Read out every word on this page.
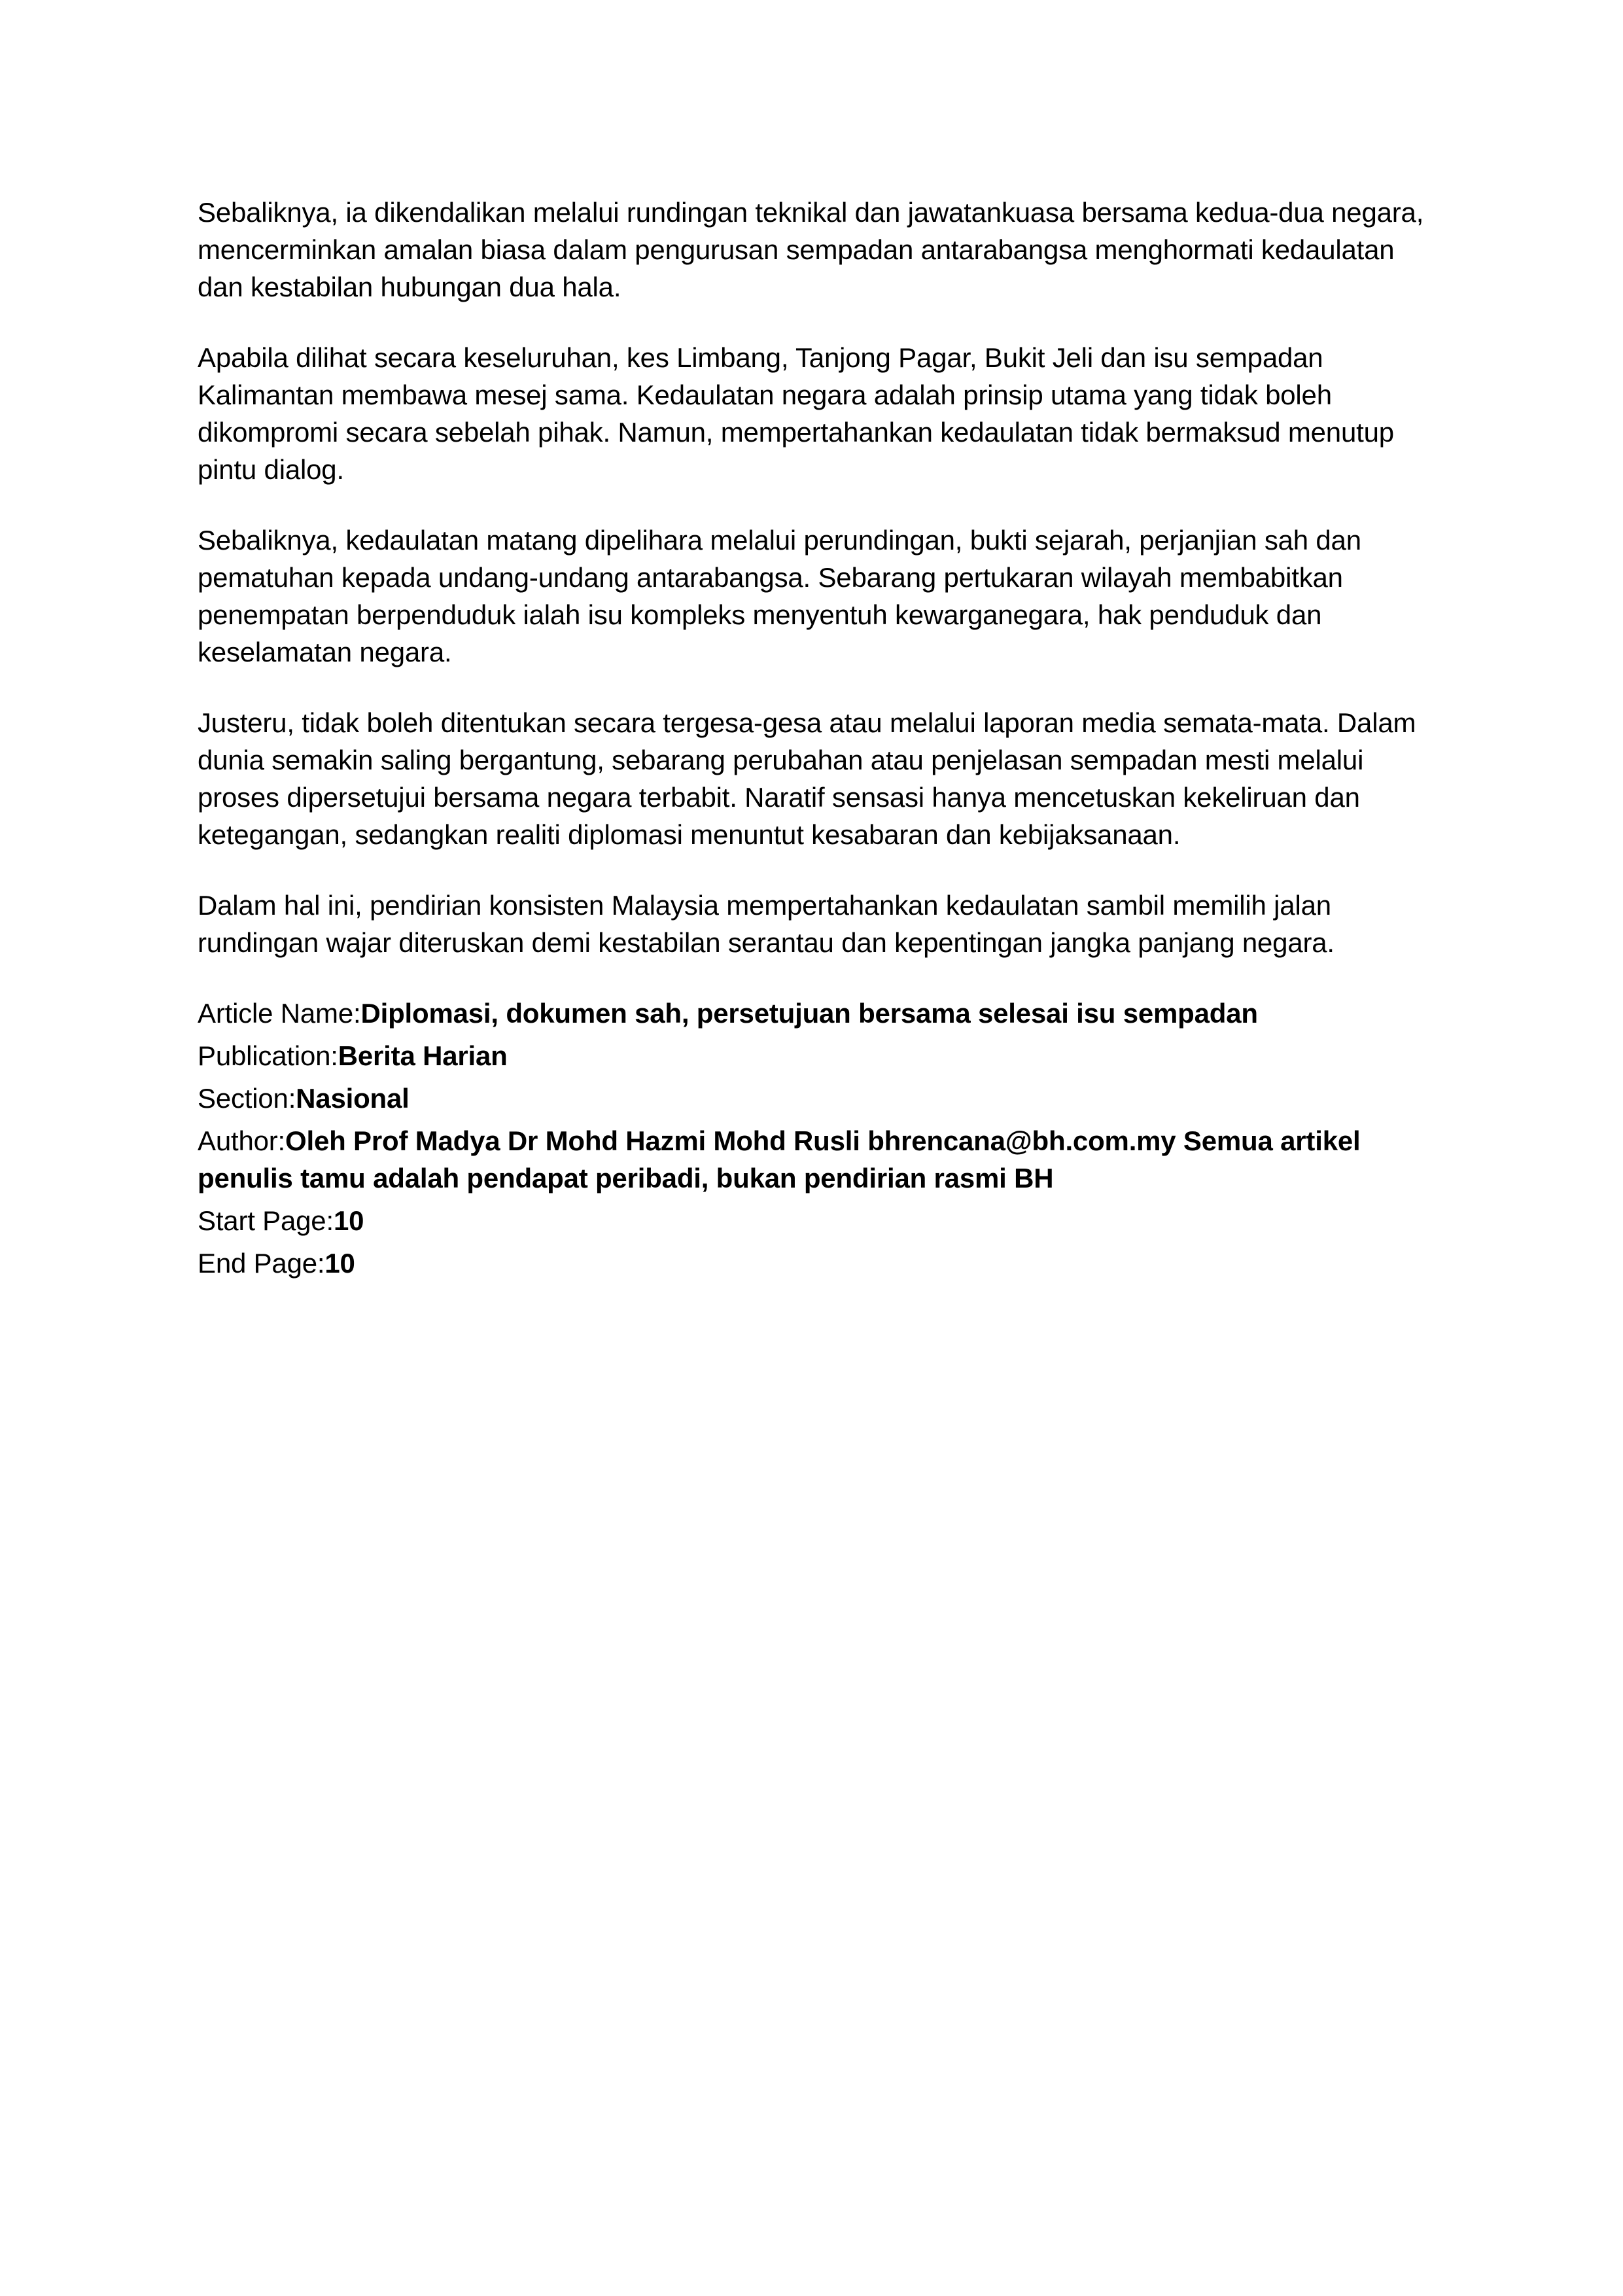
Sebaliknya, ia dikendalikan melalui rundingan teknikal dan jawatankuasa bersama kedua-dua negara, mencerminkan amalan biasa dalam pengurusan sempadan antarabangsa menghormati kedaulatan dan kestabilan hubungan dua hala.

Apabila dilihat secara keseluruhan, kes Limbang, Tanjong Pagar, Bukit Jeli dan isu sempadan Kalimantan membawa mesej sama. Kedaulatan negara adalah prinsip utama yang tidak boleh dikompromi secara sebelah pihak. Namun, mempertahankan kedaulatan tidak bermaksud menutup pintu dialog.

Sebaliknya, kedaulatan matang dipelihara melalui perundingan, bukti sejarah, perjanjian sah dan pematuhan kepada undang-undang antarabangsa. Sebarang pertukaran wilayah membabitkan penempatan berpenduduk ialah isu kompleks menyentuh kewarganegara, hak penduduk dan keselamatan negara.

Justeru, tidak boleh ditentukan secara tergesa-gesa atau melalui laporan media semata-mata. Dalam dunia semakin saling bergantung, sebarang perubahan atau penjelasan sempadan mesti melalui proses dipersetujui bersama negara terbabit. Naratif sensasi hanya mencetuskan kekeliruan dan ketegangan, sedangkan realiti diplomasi menuntut kesabaran dan kebijaksanaan.

Dalam hal ini, pendirian konsisten Malaysia mempertahankan kedaulatan sambil memilih jalan rundingan wajar diteruskan demi kestabilan serantau dan kepentingan jangka panjang negara.

Article Name:Diplomasi, dokumen sah, persetujuan bersama selesai isu sempadan

Publication:Berita Harian

Section:Nasional

Author:Oleh Prof Madya Dr Mohd Hazmi Mohd Rusli bhrencana@bh.com.my Semua artikel penulis tamu adalah pendapat peribadi, bukan pendirian rasmi BH

Start Page:10

End Page:10
